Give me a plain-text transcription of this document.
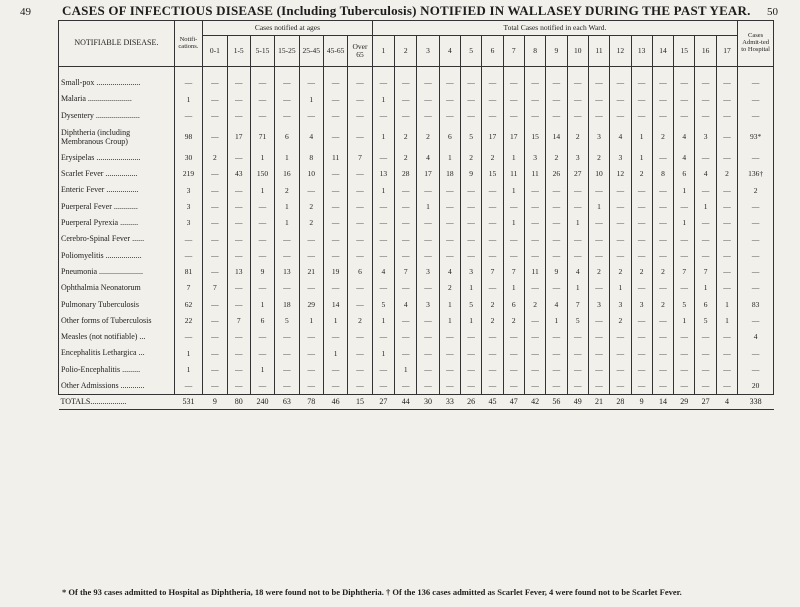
49 CASES OF INFECTIOUS DISEASE (Including Tuberculosis) NOTIFIED IN WALLASEY DURING THE PAST YEAR. 50
NOTIFIABLE DISEASE.	Notifi-cations.	Cases notified at ages							Total Cases notified in each Ward.																	Cases Admit-ted to Hospital
		0-1	1-5	5-15	15-25	25-45	45-65	Over 65	1	2	3	4	5	6	7	8	9	10	11	12	13	14	15	16	17	
Small-pox ......................	—	—	—	—	—	—	—	—	—	—	—	—	—	—	—	—	—	—	—	—	—	—	—	—	—	—
Malaria ......................	1	—	—	—	—	1	—	—	1	—	—	—	—	—	—	—	—	—	—	—	—	—	—	—	—	—
Dysentery ......................	—	—	—	—	—	—	—	—	—	—	—	—	—	—	—	—	—	—	—	—	—	—	—	—	—	—
Diphtheria (including Membranous Croup)	98	—	17	71	6	4	—	—	1	2	2	6	5	17	17	15	14	2	3	4	1	2	4	3	—	93*
Erysipelas ......................	30	2	—	1	1	8	11	7	—	2	4	1	2	2	1	3	2	3	2	3	1	—	4	—	—	—
Scarlet Fever ................	219	—	43	150	16	10	—	—	13	28	17	18	9	15	11	11	26	27	10	12	2	8	6	4	2	136†
Enteric Fever ................	3	—	—	1	2	—	—	—	1	—	—	—	—	—	1	—	—	—	—	—	—	—	1	—	—	2
Puerperal Fever ............	3	—	—	—	1	2	—	—	—	—	1	—	—	—	—	—	—	—	1	—	—	—	—	1	—	—
Puerperal Pyrexia .........	3	—	—	—	1	2	—	—	—	—	—	—	—	—	1	—	—	1	—	—	—	—	1	—	—	—
Cerebro-Spinal Fever ......	—	—	—	—	—	—	—	—	—	—	—	—	—	—	—	—	—	—	—	—	—	—	—	—	—	—
Poliomyelitis ..................	—	—	—	—	—	—	—	—	—	—	—	—	—	—	—	—	—	—	—	—	—	—	—	—	—	—
Pneumonia ......................	81	—	13	9	13	21	19	6	4	7	3	4	3	7	7	11	9	4	2	2	2	2	7	7	—	—
Ophthalmia Neonatorum	7	7	—	—	—	—	—	—	—	—	—	2	1	—	1	—	—	1	—	1	—	—	—	1	—	—
Pulmonary Tuberculosis	62	—	—	1	18	29	14	—	5	4	3	1	5	2	6	2	4	7	3	3	3	2	5	6	1	83
Other forms of Tuberculosis	22	—	7	6	5	1	1	2	1	—	—	1	1	2	2	—	1	5	—	2	—	—	1	5	1	—
Measles (not notifiable) ...	—	—	—	—	—	—	—	—	—	—	—	—	—	—	—	—	—	—	—	—	—	—	—	—	—	4
Encephalitis Lethargica ...	1	—	—	—	—	—	1	—	1	—	—	—	—	—	—	—	—	—	—	—	—	—	—	—	—	—
Polio-Encephalitis .........	1	—	—	1	—	—	—	—	—	1	—	—	—	—	—	—	—	—	—	—	—	—	—	—	—	—
Other Admissions ............	—	—	—	—	—	—	—	—	—	—	—	—	—	—	—	—	—	—	—	—	—	—	—	—	—	20
TOTALS..................	531	9	80	240	63	78	46	15	27	44	30	33	26	45	47	42	56	49	21	28	9	14	29	27	4	338
* Of the 93 cases admitted to Hospital as Diphtheria, 18 were found not to be Diphtheria. † Of the 136 cases admitted as Scarlet Fever, 4 were found not to be Scarlet Fever.
